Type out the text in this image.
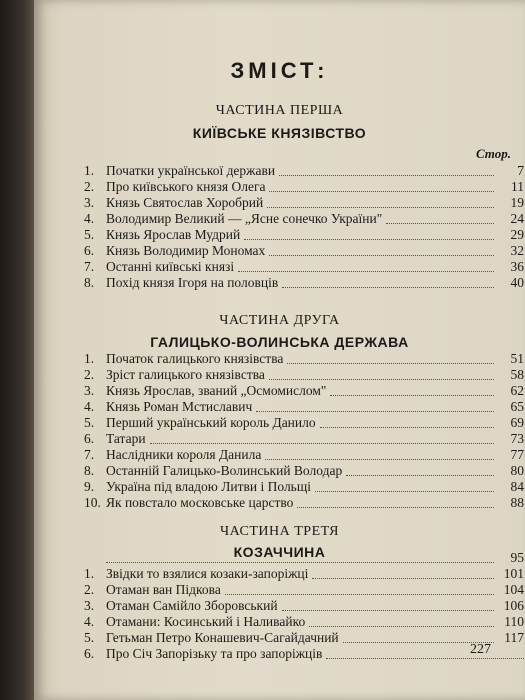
ЗМІСТ:
ЧАСТИНА ПЕРША
КИЇВСЬКЕ КНЯЗІВСТВО
Стор.
1. Початки української держави	7
2. Про київського князя Олега	11
3. Князь Святослав Хоробрий	19
4. Володимир Великий — „Ясне сонечко України"	24
5. Князь Ярослав Мудрий	29
6. Князь Володимир Мономах	32
7. Останні київські князі	36
8. Похід князя Ігоря на половців	40
ЧАСТИНА ДРУГА
ГАЛИЦЬКО-ВОЛИНСЬКА ДЕРЖАВА
1. Початок галицького князівства	51
2. Зріст галицького князівства	58
3. Князь Ярослав, званий „Осмомислом"	62
4. Князь Роман Мстиславич	65
5. Перший український король Данило	69
6. Татари	73
7. Наслідники короля Данила	77
8. Останній Галицько-Волинський Володар	80
9. Україна під владою Литви і Польщі	84
10. Як повстало московське царство	88
ЧАСТИНА ТРЕТЯ
КОЗАЧЧИНА	95
1. Звідки то взялися козаки-запоріжці	101
2. Отаман ван Підкова	104
3. Отаман Самійло Зборовський	106
4. Отамани: Косинський і Наливайко	110
5. Гетьман Петро Конашевич-Сагайдачний	117
6. Про Січ Запорізьку та про запоріжців	227
